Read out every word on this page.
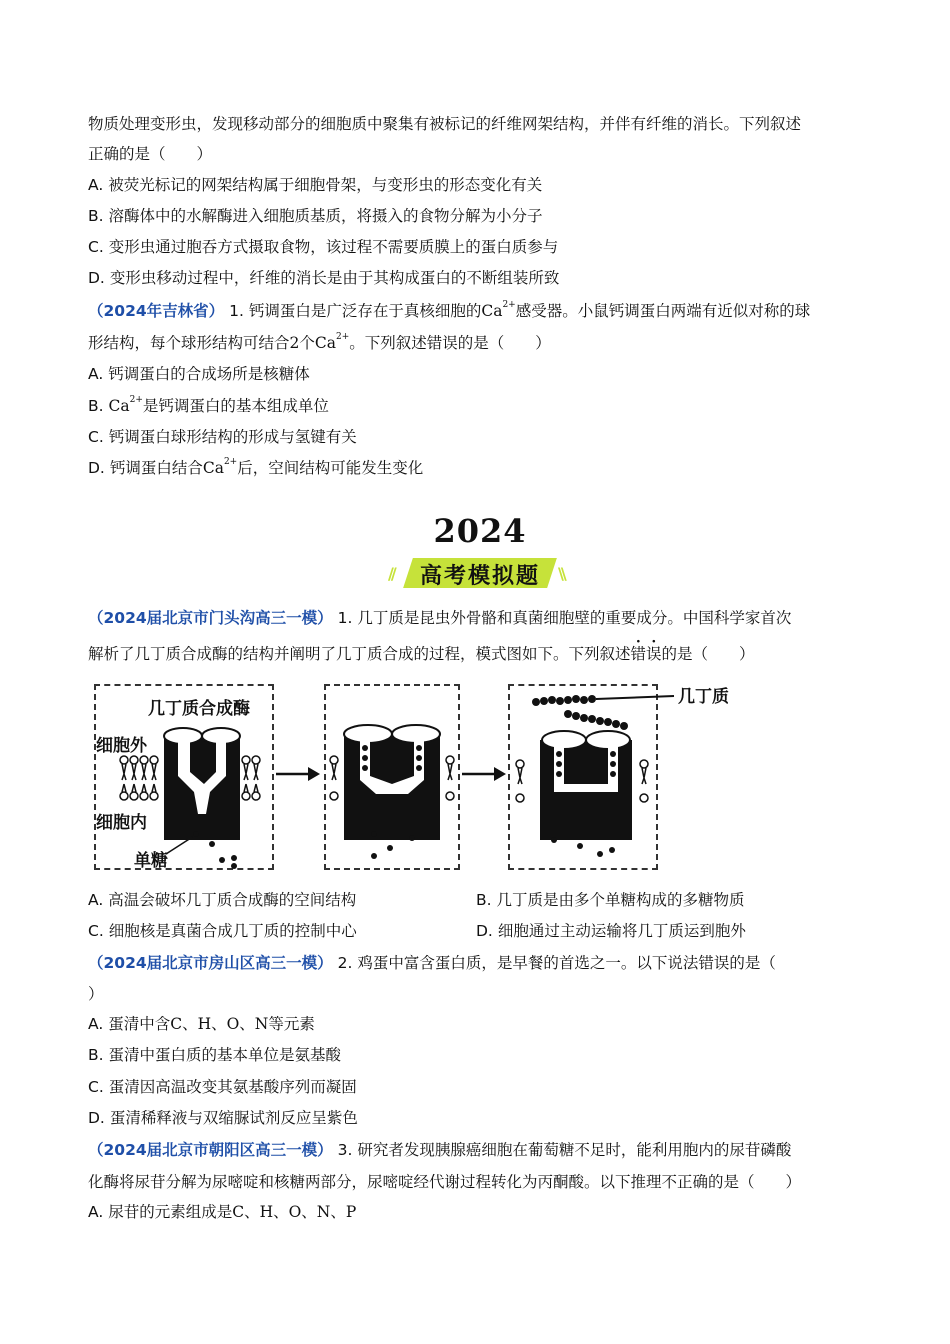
物质处理变形虫，发现移动部分的细胞质中聚集有被标记的纤维网架结构，并伴有纤维的消长。下列叙述
正确的是（　　）
A. 被荧光标记的网架结构属于细胞骨架，与变形虫的形态变化有关
B. 溶酶体中的水解酶进入细胞质基质，将摄入的食物分解为小分子
C. 变形虫通过胞吞方式摄取食物，该过程不需要质膜上的蛋白质参与
D. 变形虫移动过程中，纤维的消长是由于其构成蛋白的不断组装所致
（2024年吉林省） 1. 钙调蛋白是广泛存在于真核细胞的$Ca^{2+}$感受器。小鼠钙调蛋白两端有近似对称的球
形结构，每个球形结构可结合2个$Ca^{2+}$。下列叙述错误的是（　　）
A. 钙调蛋白的合成场所是核糖体
B. $Ca^{2+}$是钙调蛋白的基本组成单位
C. 钙调蛋白球形结构的形成与氢键有关
D. 钙调蛋白结合$Ca^{2+}$后，空间结构可能发生变化
2024
//	\\
高考模拟题
（2024届北京市门头沟高三一模） 1. 几丁质是昆虫外骨骼和真菌细胞壁的重要成分。中国科学家首次
解析了几丁质合成酶的结构并阐明了几丁质合成的过程，模式图如下。下列叙述错误的是（　　）
几丁质合成酶
细胞外
细胞内
单糖
几丁质
A. 高温会破坏几丁质合成酶的空间结构	B. 几丁质是由多个单糖构成的多糖物质
C. 细胞核是真菌合成几丁质的控制中心	D. 细胞通过主动运输将几丁质运到胞外
（2024届北京市房山区高三一模） 2. 鸡蛋中富含蛋白质，是早餐的首选之一。以下说法错误的是（
）
A. 蛋清中含C、H、O、N等元素
B. 蛋清中蛋白质的基本单位是氨基酸
C. 蛋清因高温改变其氨基酸序列而凝固
D. 蛋清稀释液与双缩脲试剂反应呈紫色
（2024届北京市朝阳区高三一模） 3. 研究者发现胰腺癌细胞在葡萄糖不足时，能利用胞内的尿苷磷酸
化酶将尿苷分解为尿嘧啶和核糖两部分，尿嘧啶经代谢过程转化为丙酮酸。以下推理不正确的是（　　）
A. 尿苷的元素组成是C、H、O、N、P
